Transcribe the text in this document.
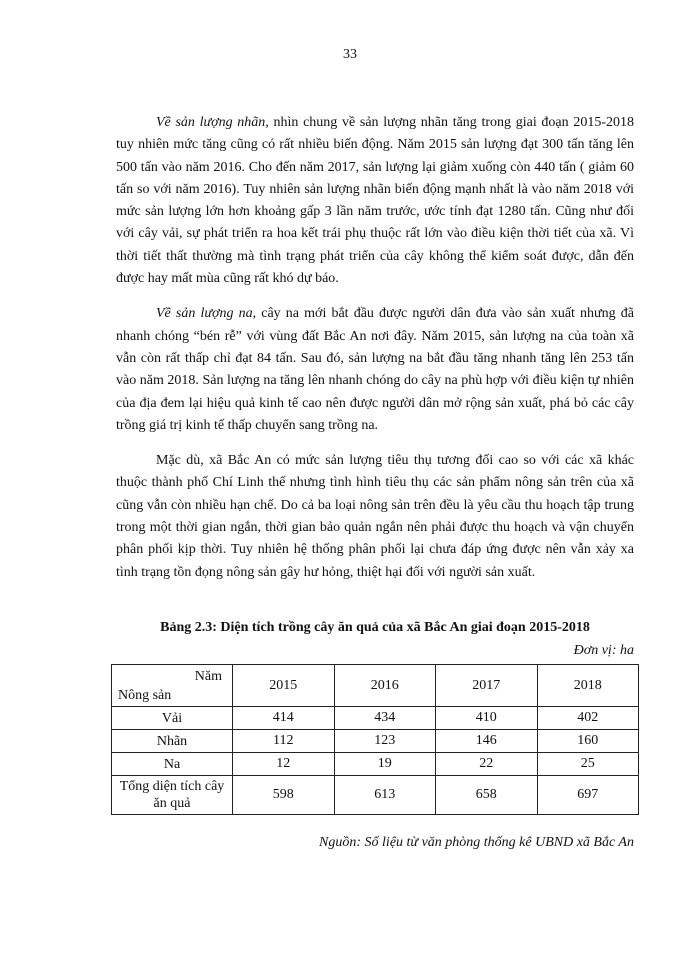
33

Về sản lượng nhãn, nhìn chung về sản lượng nhãn tăng trong giai đoạn 2015-2018 tuy nhiên mức tăng cũng có rất nhiều biến động. Năm 2015 sản lượng đạt 300 tấn tăng lên 500 tấn vào năm 2016. Cho đến năm 2017, sản lượng lại giảm xuống còn 440 tấn ( giảm 60 tấn so với năm 2016). Tuy nhiên sản lượng nhãn biến động mạnh nhất là vào năm 2018 với mức sản lượng lớn hơn khoảng gấp 3 lần năm trước, ước tính đạt 1280 tấn. Cũng như đối với cây vải, sự phát triển ra hoa kết trái phụ thuộc rất lớn vào điều kiện thời tiết của xã. Vì thời tiết thất thường mà tình trạng phát triển của cây không thể kiểm soát được, dẫn đến được hay mất mùa cũng rất khó dự báo.

Về sản lượng na, cây na mới bắt đầu được người dân đưa vào sản xuất nhưng đã nhanh chóng “bén rễ” với vùng đất Bắc An nơi đây. Năm 2015, sản lượng na của toàn xã vẫn còn rất thấp chỉ đạt 84 tấn. Sau đó, sản lượng na bắt đầu tăng nhanh tăng lên 253 tấn vào năm 2018. Sản lượng na tăng lên nhanh chóng do cây na phù hợp với điều kiện tự nhiên của địa đem lại hiệu quả kinh tế cao nên được người dân mở rộng sản xuất, phá bỏ các cây trồng giá trị kinh tế thấp chuyển sang trồng na.

Mặc dù, xã Bắc An có mức sản lượng tiêu thụ tương đối cao so với các xã khác thuộc thành phố Chí Linh thế nhưng tình hình tiêu thụ các sản phẩm nông sản trên của xã cũng vẫn còn nhiều hạn chế. Do cả ba loại nông sản trên đều là yêu cầu thu hoạch tập trung trong một thời gian ngắn, thời gian bảo quản ngắn nên phải được thu hoạch và vận chuyển phân phối kịp thời. Tuy nhiên hệ thống phân phối lại chưa đáp ứng được nên vẫn xảy xa tình trạng tồn đọng nông sản gây hư hỏng, thiệt hại đối với người sản xuất.

Bảng 2.3: Diện tích trồng cây ăn quả của xã Bắc An giai đoạn 2015-2018
Đơn vị: ha
Năm
Nông sản	2015	2016	2017	2018
Vải	414	434	410	402
Nhãn	112	123	146	160
Na	12	19	22	25
Tổng diện tích cây
ăn quả	598	613	658	697
Nguồn: Số liệu từ văn phòng thống kê UBND xã Bắc An
